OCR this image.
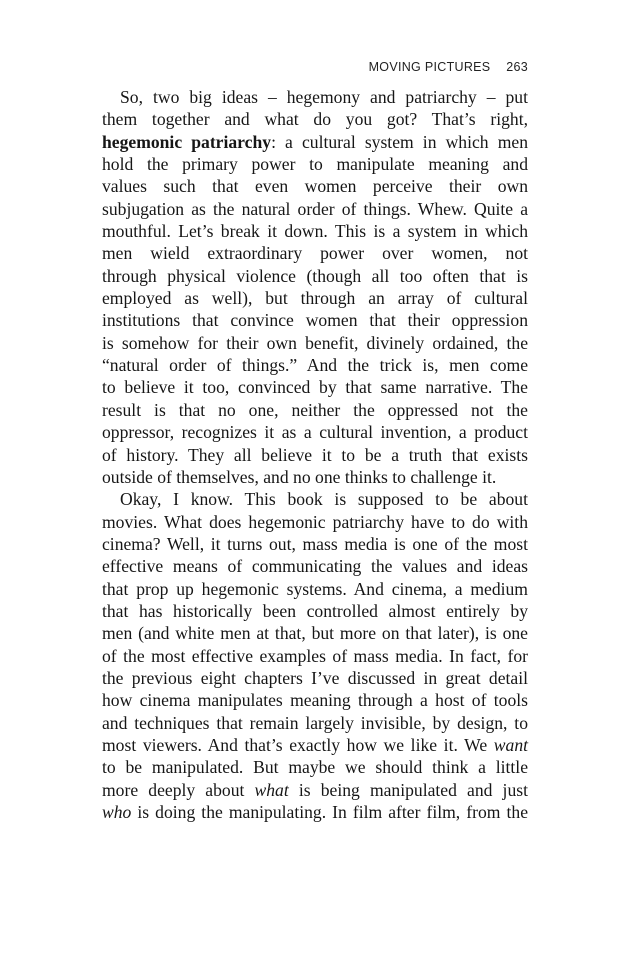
MOVING PICTURES 263
So, two big ideas – hegemony and patriarchy – put
them together and what do you got? That’s right,
hegemonic patriarchy: a cultural system in which men
hold the primary power to manipulate meaning and
values such that even women perceive their own
subjugation as the natural order of things. Whew. Quite a
mouthful. Let’s break it down. This is a system in which
men wield extraordinary power over women, not
through physical violence (though all too often that is
employed as well), but through an array of cultural
institutions that convince women that their oppression
is somehow for their own benefit, divinely ordained, the
“natural order of things.” And the trick is, men come
to believe it too, convinced by that same narrative. The
result is that no one, neither the oppressed not the
oppressor, recognizes it as a cultural invention, a product
of history. They all believe it to be a truth that exists
outside of themselves, and no one thinks to challenge it.
Okay, I know. This book is supposed to be about
movies. What does hegemonic patriarchy have to do with
cinema? Well, it turns out, mass media is one of the most
effective means of communicating the values and ideas
that prop up hegemonic systems. And cinema, a medium
that has historically been controlled almost entirely by
men (and white men at that, but more on that later), is one
of the most effective examples of mass media. In fact, for
the previous eight chapters I’ve discussed in great detail
how cinema manipulates meaning through a host of tools
and techniques that remain largely invisible, by design, to
most viewers. And that’s exactly how we like it. We want
to be manipulated. But maybe we should think a little
more deeply about what is being manipulated and just
who is doing the manipulating. In film after film, from the
